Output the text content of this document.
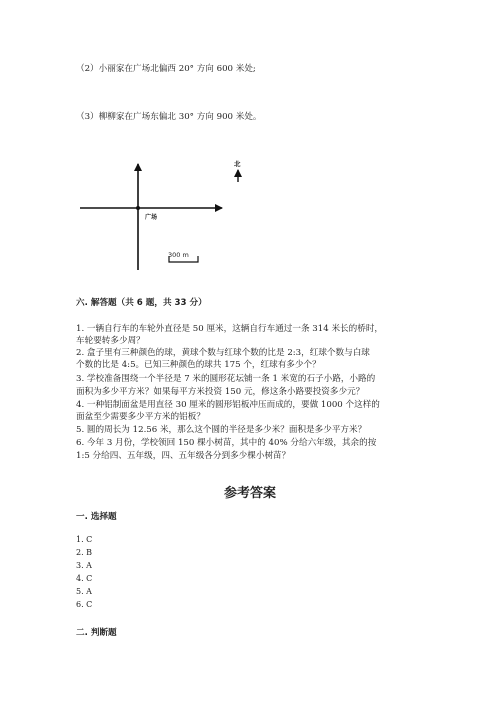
（2）小丽家在广场北偏西 20° 方向 600 米处;
（3）柳柳家在广场东偏北 30° 方向 900 米处。
北
广场
300 m
六. 解答题（共 6 题，共 33 分）
1. 一辆自行车的车轮外直径是 50 厘米，这辆自行车通过一条 314 米长的桥时，
车轮要转多少周？
2. 盒子里有三种颜色的球，黄球个数与红球个数的比是 2:3，红球个数与白球
个数的比是 4:5。已知三种颜色的球共 175 个，红球有多少个？
3. 学校准备围绕一个半径是 7 米的圆形花坛铺一条 1 米宽的石子小路，小路的
面积为多少平方米？如果每平方米投资 150 元，修这条小路要投资多少元？
4. 一种铝制面盆是用直径 30 厘米的圆形铝板冲压而成的，要做 1000 个这样的
面盆至少需要多少平方米的铝板？
5. 圆的周长为 12.56 米，那么这个圆的半径是多少米？面积是多少平方米？
6. 今年 3 月份，学校领回 150 棵小树苗，其中的 40% 分给六年级，其余的按
1:5 分给四、五年级，四、五年级各分到多少棵小树苗？
参考答案
一. 选择题
1. C
2. B
3. A
4. C
5. A
6. C
二. 判断题
